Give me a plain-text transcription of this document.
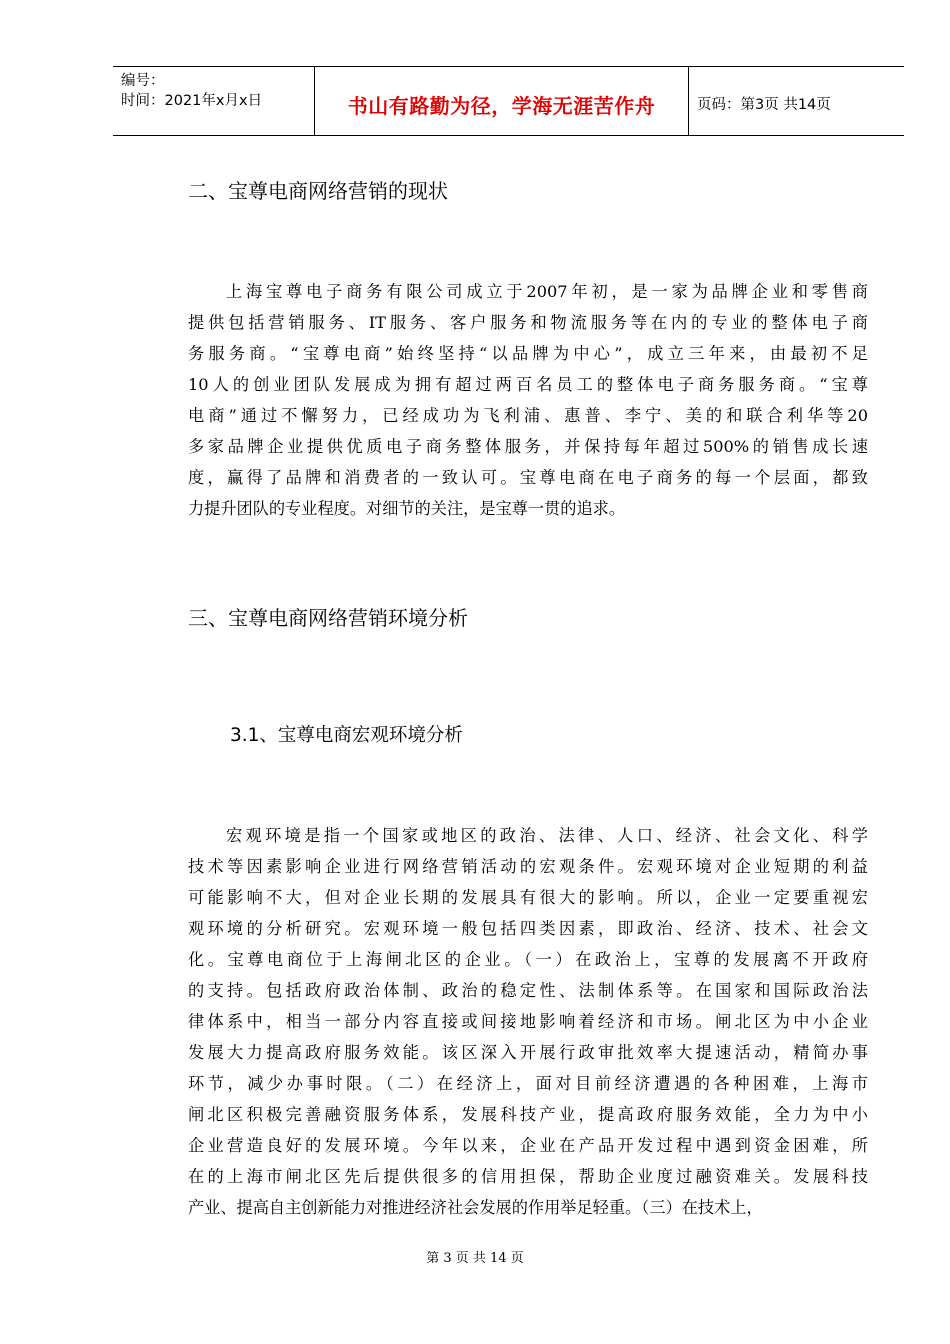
编号：
时间：2021年x月x日	书山有路勤为径，学海无涯苦作舟	页码：第3页 共14页
二、宝尊电商网络营销的现状
上海宝尊电子商务有限公司成立于2007年初，是一家为品牌企业和零售商
提供包括营销服务、IT服务、客户服务和物流服务等在内的专业的整体电子商
务服务商。“宝尊电商”始终坚持“以品牌为中心”，成立三年来，由最初不足
10人的创业团队发展成为拥有超过两百名员工的整体电子商务服务商。“宝尊
电商”通过不懈努力，已经成功为飞利浦、惠普、李宁、美的和联合利华等20
多家品牌企业提供优质电子商务整体服务，并保持每年超过500%的销售成长速
度，赢得了品牌和消费者的一致认可。宝尊电商在电子商务的每一个层面，都致
力提升团队的专业程度。对细节的关注，是宝尊一贯的追求。
三、宝尊电商网络营销环境分析
3.1、宝尊电商宏观环境分析
宏观环境是指一个国家或地区的政治、法律、人口、经济、社会文化、科学
技术等因素影响企业进行网络营销活动的宏观条件。宏观环境对企业短期的利益
可能影响不大，但对企业长期的发展具有很大的影响。所以，企业一定要重视宏
观环境的分析研究。宏观环境一般包括四类因素，即政治、经济、技术、社会文
化。宝尊电商位于上海闸北区的企业。（一）在政治上，宝尊的发展离不开政府
的支持。包括政府政治体制、政治的稳定性、法制体系等。在国家和国际政治法
律体系中，相当一部分内容直接或间接地影响着经济和市场。闸北区为中小企业
发展大力提高政府服务效能。该区深入开展行政审批效率大提速活动，精简办事
环节，减少办事时限。（二）在经济上，面对目前经济遭遇的各种困难，上海市
闸北区积极完善融资服务体系，发展科技产业，提高政府服务效能，全力为中小
企业营造良好的发展环境。今年以来，企业在产品开发过程中遇到资金困难，所
在的上海市闸北区先后提供很多的信用担保，帮助企业度过融资难关。发展科技
产业、提高自主创新能力对推进经济社会发展的作用举足轻重。（三）在技术上，
第 3 页 共 14 页
